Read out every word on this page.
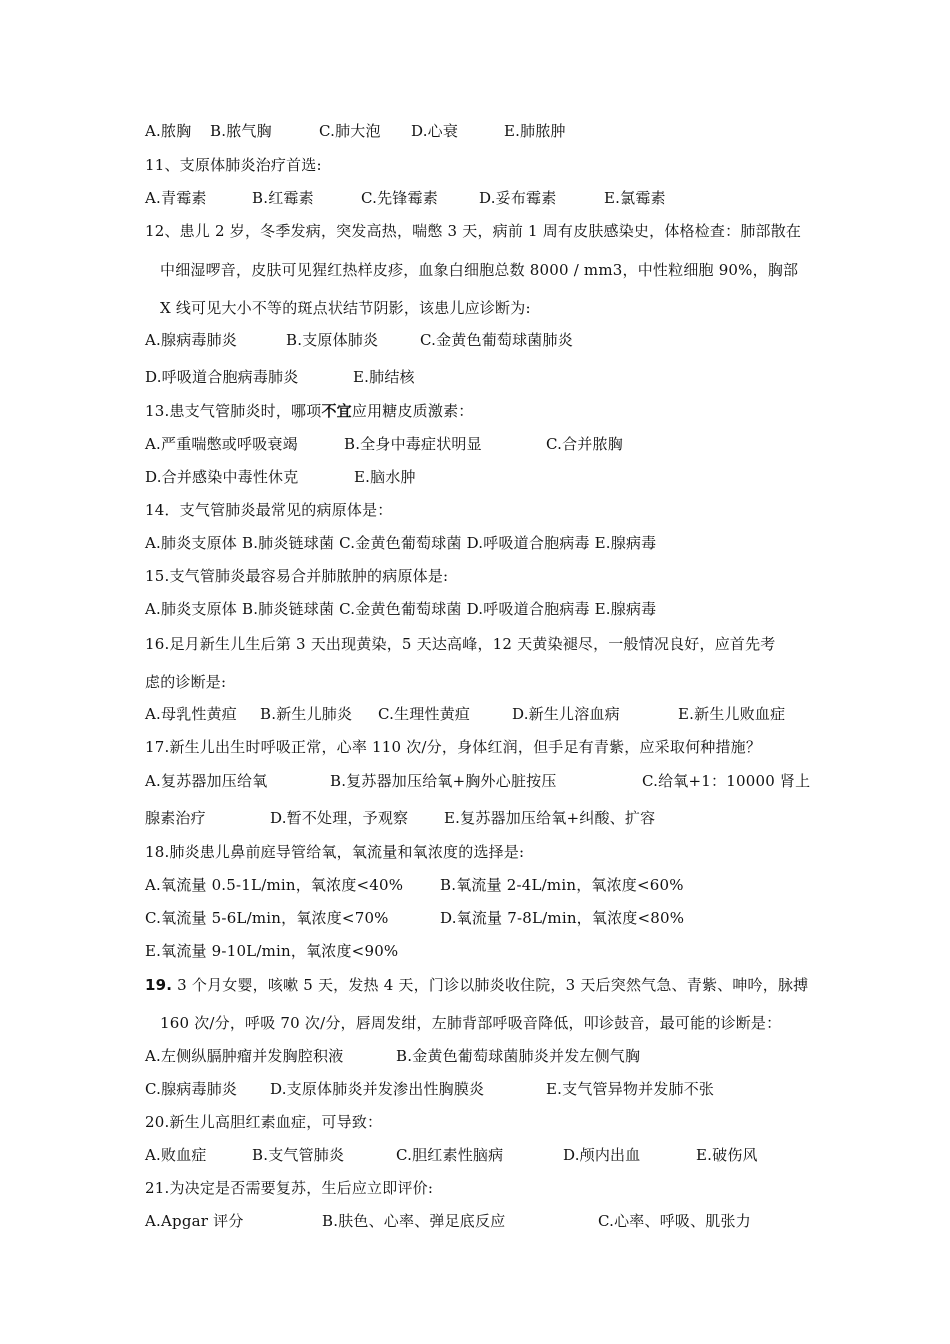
A.脓胸 B.脓气胸	C.肺大泡 D.心衰	E.肺脓肿
11、支原体肺炎治疗首选:
A.青霉素	B.红霉素	C.先锋霉素	D.妥布霉素	E.氯霉素
12、患儿 2 岁，冬季发病，突发高热，喘憋 3 天，病前 1 周有皮肤感染史，体格检查：肺部散在
中细湿啰音，皮肤可见猩红热样皮疹，血象白细胞总数 8000 / mm3，中性粒细胞 90%，胸部
X 线可见大小不等的斑点状结节阴影，该患儿应诊断为:
A.腺病毒肺炎	B.支原体肺炎	C.金黄色葡萄球菌肺炎
D.呼吸道合胞病毒肺炎	E.肺结核
13.患支气管肺炎时，哪项不宜应用糖皮质激素：
A.严重喘憋或呼吸衰竭	B.全身中毒症状明显	C.合并脓胸
D.合并感染中毒性休克	E.脑水肿
14．支气管肺炎最常见的病原体是：
A.肺炎支原体 B.肺炎链球菌 C.金黄色葡萄球菌 D.呼吸道合胞病毒 E.腺病毒
15.支气管肺炎最容易合并肺脓肿的病原体是:
A.肺炎支原体 B.肺炎链球菌 C.金黄色葡萄球菌 D.呼吸道合胞病毒 E.腺病毒
16.足月新生儿生后第 3 天出现黄染，5 天达高峰，12 天黄染褪尽，一般情况良好，应首先考
虑的诊断是:
A.母乳性黄疸 B.新生儿肺炎 C.生理性黄疸	D.新生儿溶血病	E.新生儿败血症
17.新生儿出生时呼吸正常，心率 110 次/分，身体红润，但手足有青紫，应采取何种措施？
A.复苏器加压给氧	B.复苏器加压给氧+胸外心脏按压	C.给氧+1：10000 肾上
腺素治疗	D.暂不处理，予观察 E.复苏器加压给氧+纠酸、扩容
18.肺炎患儿鼻前庭导管给氧，氧流量和氧浓度的选择是:
A.氧流量 0.5-1L/min，氧浓度<40% B.氧流量 2-4L/min，氧浓度<60%
C.氧流量 5-6L/min，氧浓度<70%	D.氧流量 7-8L/min，氧浓度<80%
E.氧流量 9-10L/min，氧浓度<90%
19. 3 个月女婴，咳嗽 5 天，发热 4 天，门诊以肺炎收住院，3 天后突然气急、青紫、呻吟，脉搏
160 次/分，呼吸 70 次/分，唇周发绀，左肺背部呼吸音降低，叩诊鼓音，最可能的诊断是：
A.左侧纵膈肿瘤并发胸腔积液	B.金黄色葡萄球菌肺炎并发左侧气胸
C.腺病毒肺炎 D.支原体肺炎并发渗出性胸膜炎	E.支气管异物并发肺不张
20.新生儿高胆红素血症，可导致：
A.败血症	B.支气管肺炎	C.胆红素性脑病	D.颅内出血	E.破伤风
21.为决定是否需要复苏，生后应立即评价:
A.Apgar 评分	B.肤色、心率、弹足底反应	C.心率、呼吸、肌张力
